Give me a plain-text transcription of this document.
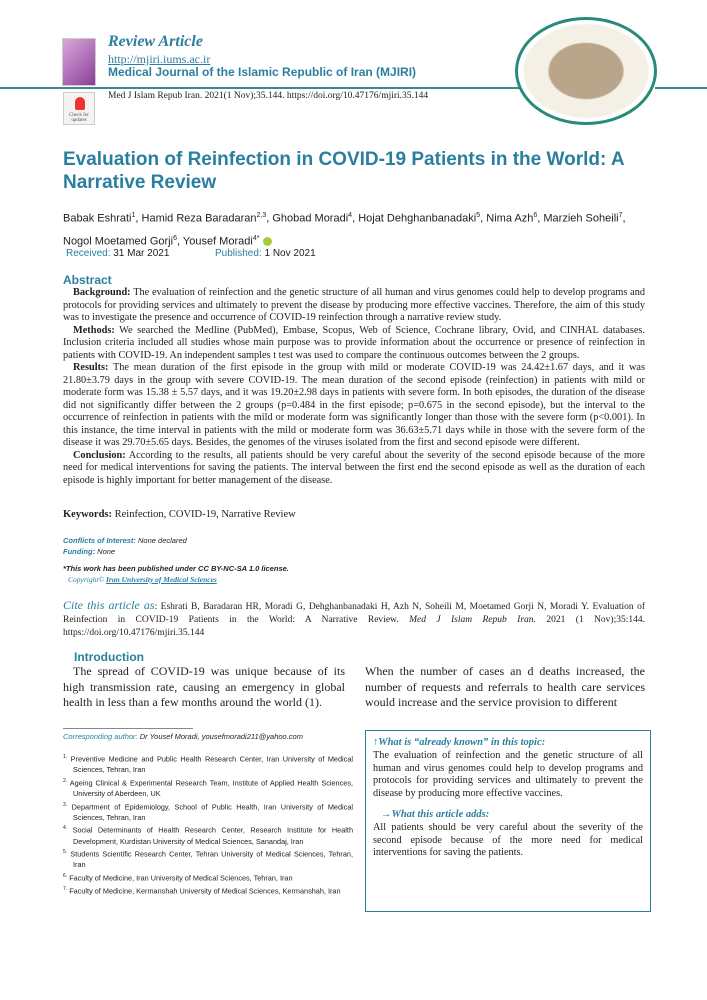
Check for updates
Review Article
http://mjiri.iums.ac.ir
Medical Journal of the Islamic Republic of Iran (MJIRI)
Med J Islam Repub Iran. 2021(1 Nov);35.144. https://doi.org/10.47176/mjiri.35.144
Evaluation of Reinfection in COVID-19 Patients in the World: A Narrative Review
Babak Eshrati$^1$, Hamid Reza Baradaran$^{2,3}$, Ghobad Moradi$^4$, Hojat Dehghanbanadaki$^5$, Nima Azh$^6$, Marzieh Soheili$^7$,
Nogol Moetamed Gorji$^6$, Yousef Moradi$^{4*}$
Received: 31 Mar 2021	Published: 1 Nov 2021
Abstract

Background: The evaluation of reinfection and the genetic structure of all human and virus genomes could help to develop programs and protocols for providing services and ultimately to prevent the disease by producing more effective vaccines. Therefore, the aim of this study was to investigate the presence and occurrence of COVID-19 reinfection through a narrative review study.

Methods: We searched the Medline (PubMed), Embase, Scopus, Web of Science, Cochrane library, Ovid, and CINHAL databases. Inclusion criteria included all studies whose main purpose was to provide information about the occurrence or presence of reinfection in patients with COVID-19. An independent samples t test was used to compare the continuous outcomes between the 2 groups.

Results: The mean duration of the first episode in the group with mild or moderate COVID-19 was 24.42±1.67 days, and it was 21.80±3.79 days in the group with severe COVID-19. The mean duration of the second episode (reinfection) in patients with mild or moderate form was 15.38 ± 5.57 days, and it was 19.20±2.98 days in patients with severe form. In both episodes, the duration of the disease did not significantly differ between the 2 groups (p=0.484 in the first episode; p=0.675 in the second episode), but the interval to the occurrence of reinfection in patients with the mild or moderate form was significantly longer than those with the severe form (p<0.001). In this instance, the time interval in patients with the mild or moderate form was 36.63±5.71 days while in those with the severe form of the disease it was 29.70±5.65 days. Besides, the genomes of the viruses isolated from the first and second episode were different.

Conclusion: According to the results, all patients should be very careful about the severity of the second episode because of the more need for medical interventions for saving the patients. The interval between the first end the second episode as well as the duration of each episode is highly important for better management of the disease.

Keywords: Reinfection, COVID-19, Narrative Review
Conflicts of Interest: None declared
Funding: None
*This work has been published under CC BY-NC-SA 1.0 license.
Copyright© Iran University of Medical Sciences
Cite this article as: Eshrati B, Baradaran HR, Moradi G, Dehghanbanadaki H, Azh N, Soheili M, Moetamed Gorji N, Moradi Y. Evaluation of Reinfection in COVID-19 Patients in the World: A Narrative Review. Med J Islam Repub Iran. 2021 (1 Nov);35:144. https://doi.org/10.47176/mjiri.35.144
Introduction
The spread of COVID-19 was unique because of its high transmission rate, causing an emergency in global health in less than a few months around the world (1).
When the number of cases an d deaths increased, the number of requests and referrals to health care services would increase and the service provision to different
Corresponding author: Dr Yousef Moradi, yousefmoradi211@yahoo.com
$^{1.}$ Preventive Medicine and Public Health Research Center, Iran University of Medical Sciences, Tehran, Iran
$^{2.}$ Ageing Clinical & Experimental Research Team, Institute of Applied Health Sciences, University of Aberdeen, UK
$^{3.}$ Department of Epidemiology, School of Public Health, Iran University of Medical Sciences, Tehran, Iran
$^{4.}$ Social Determinants of Health Research Center, Research Institute for Health Development, Kurdistan University of Medical Sciences, Sanandaj, Iran
$^{5.}$ Students Scientific Research Center, Tehran University of Medical Sciences, Tehran, Iran
$^{6.}$ Faculty of Medicine, Iran University of Medical Sciences, Tehran, Iran
$^{7.}$ Faculty of Medicine, Kermanshah University of Medical Sciences, Kermanshah, Iran
↑What is “already known” in this topic:

The evaluation of reinfection and the genetic structure of all human and virus genomes could help to develop programs and protocols for providing services and ultimately to prevent the disease by producing more effective vaccines.

→What this article adds:

All patients should be very careful about the severity of the second episode because of the more need for medical interventions for saving the patients.
